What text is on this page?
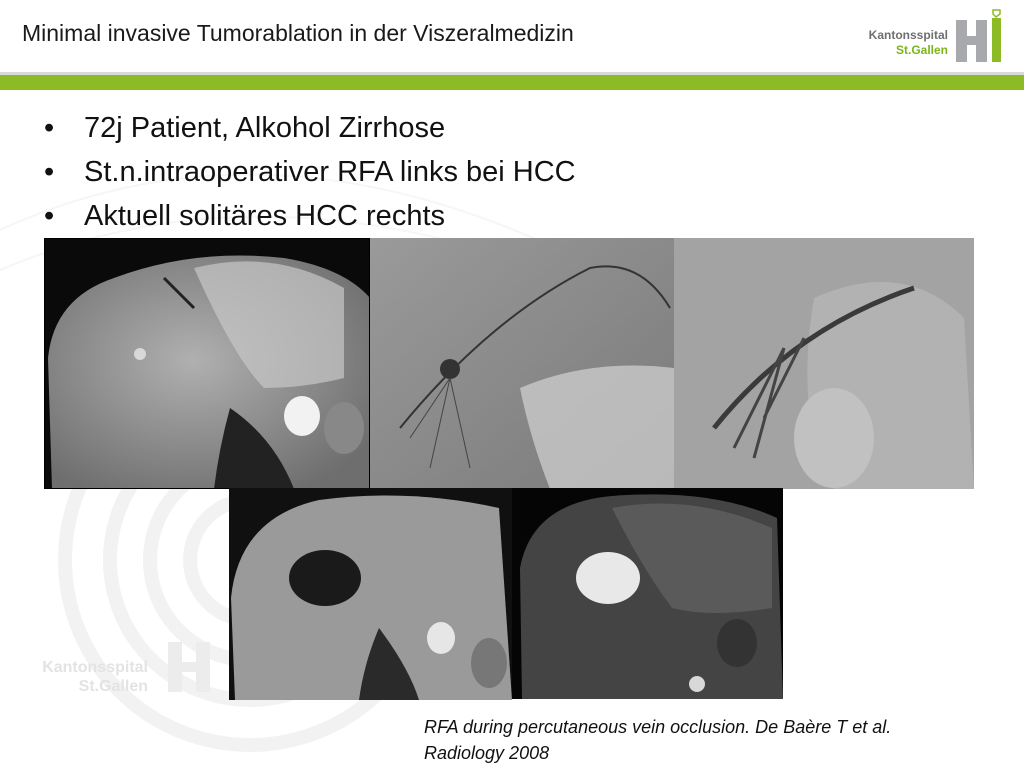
Minimal invasive Tumorablation in der Viszeralmedizin	Kantonsspital
St.Gallen
Kantonsspital
St.Gallen
• 72j Patient, Alkohol Zirrhose
• St.n.intraoperativer RFA links bei HCC
• Aktuell solitäres HCC rechts
RFA during percutaneous vein occlusion. De Baère T et al.
Radiology 2008
